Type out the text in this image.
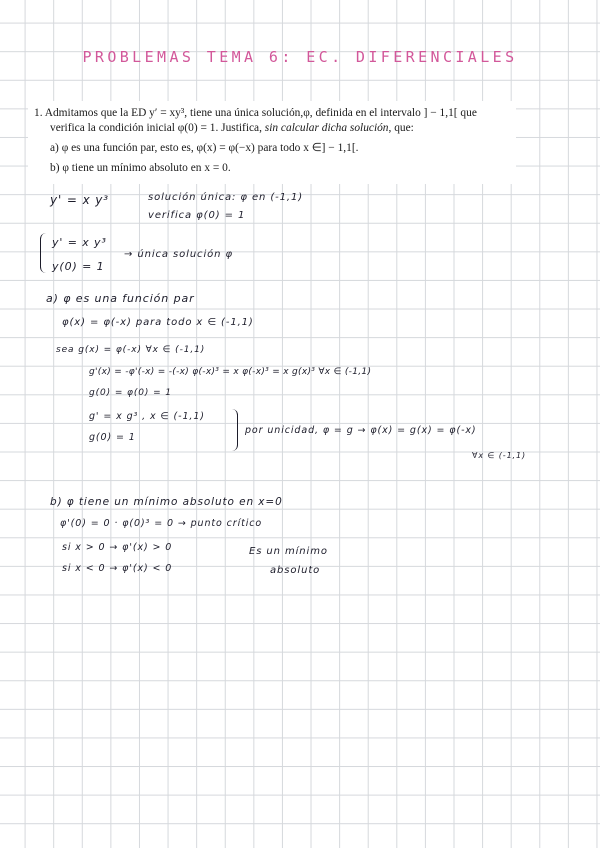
PROBLEMAS TEMA 6: EC. DIFERENCIALES
1. Admitamos que la ED y′ = xy³, tiene una única solución,φ, definida en el intervalo ] − 1,1[ que
verifica la condición inicial φ(0) = 1. Justifica, sin calcular dicha solución, que:
a) φ es una función par, esto es, φ(x) = φ(−x) para todo x ∈] − 1,1[.
b) φ tiene un mínimo absoluto en x = 0.
y' = x y³	solución única: φ en (-1,1)
verifica φ(0) = 1
y' = x y³
y(0) = 1
→ única solución φ
a) φ es una función par
φ(x) = φ(-x) para todo x ∈ (-1,1)
sea g(x) = φ(-x) ∀x ∈ (-1,1)
g'(x) = -φ'(-x) = -(-x) φ(-x)³ = x φ(-x)³ = x g(x)³ ∀x ∈ (-1,1)
g(0) = φ(0) = 1
g' = x g³ , x ∈ (-1,1)
g(0) = 1
por unicidad, φ = g → φ(x) = g(x) = φ(-x)
∀x ∈ (-1,1)
b) φ tiene un mínimo absoluto en x=0
φ'(0) = 0 · φ(0)³ = 0 → punto crítico
si x > 0 → φ'(x) > 0
si x < 0 → φ'(x) < 0
Es un mínimo
absoluto
